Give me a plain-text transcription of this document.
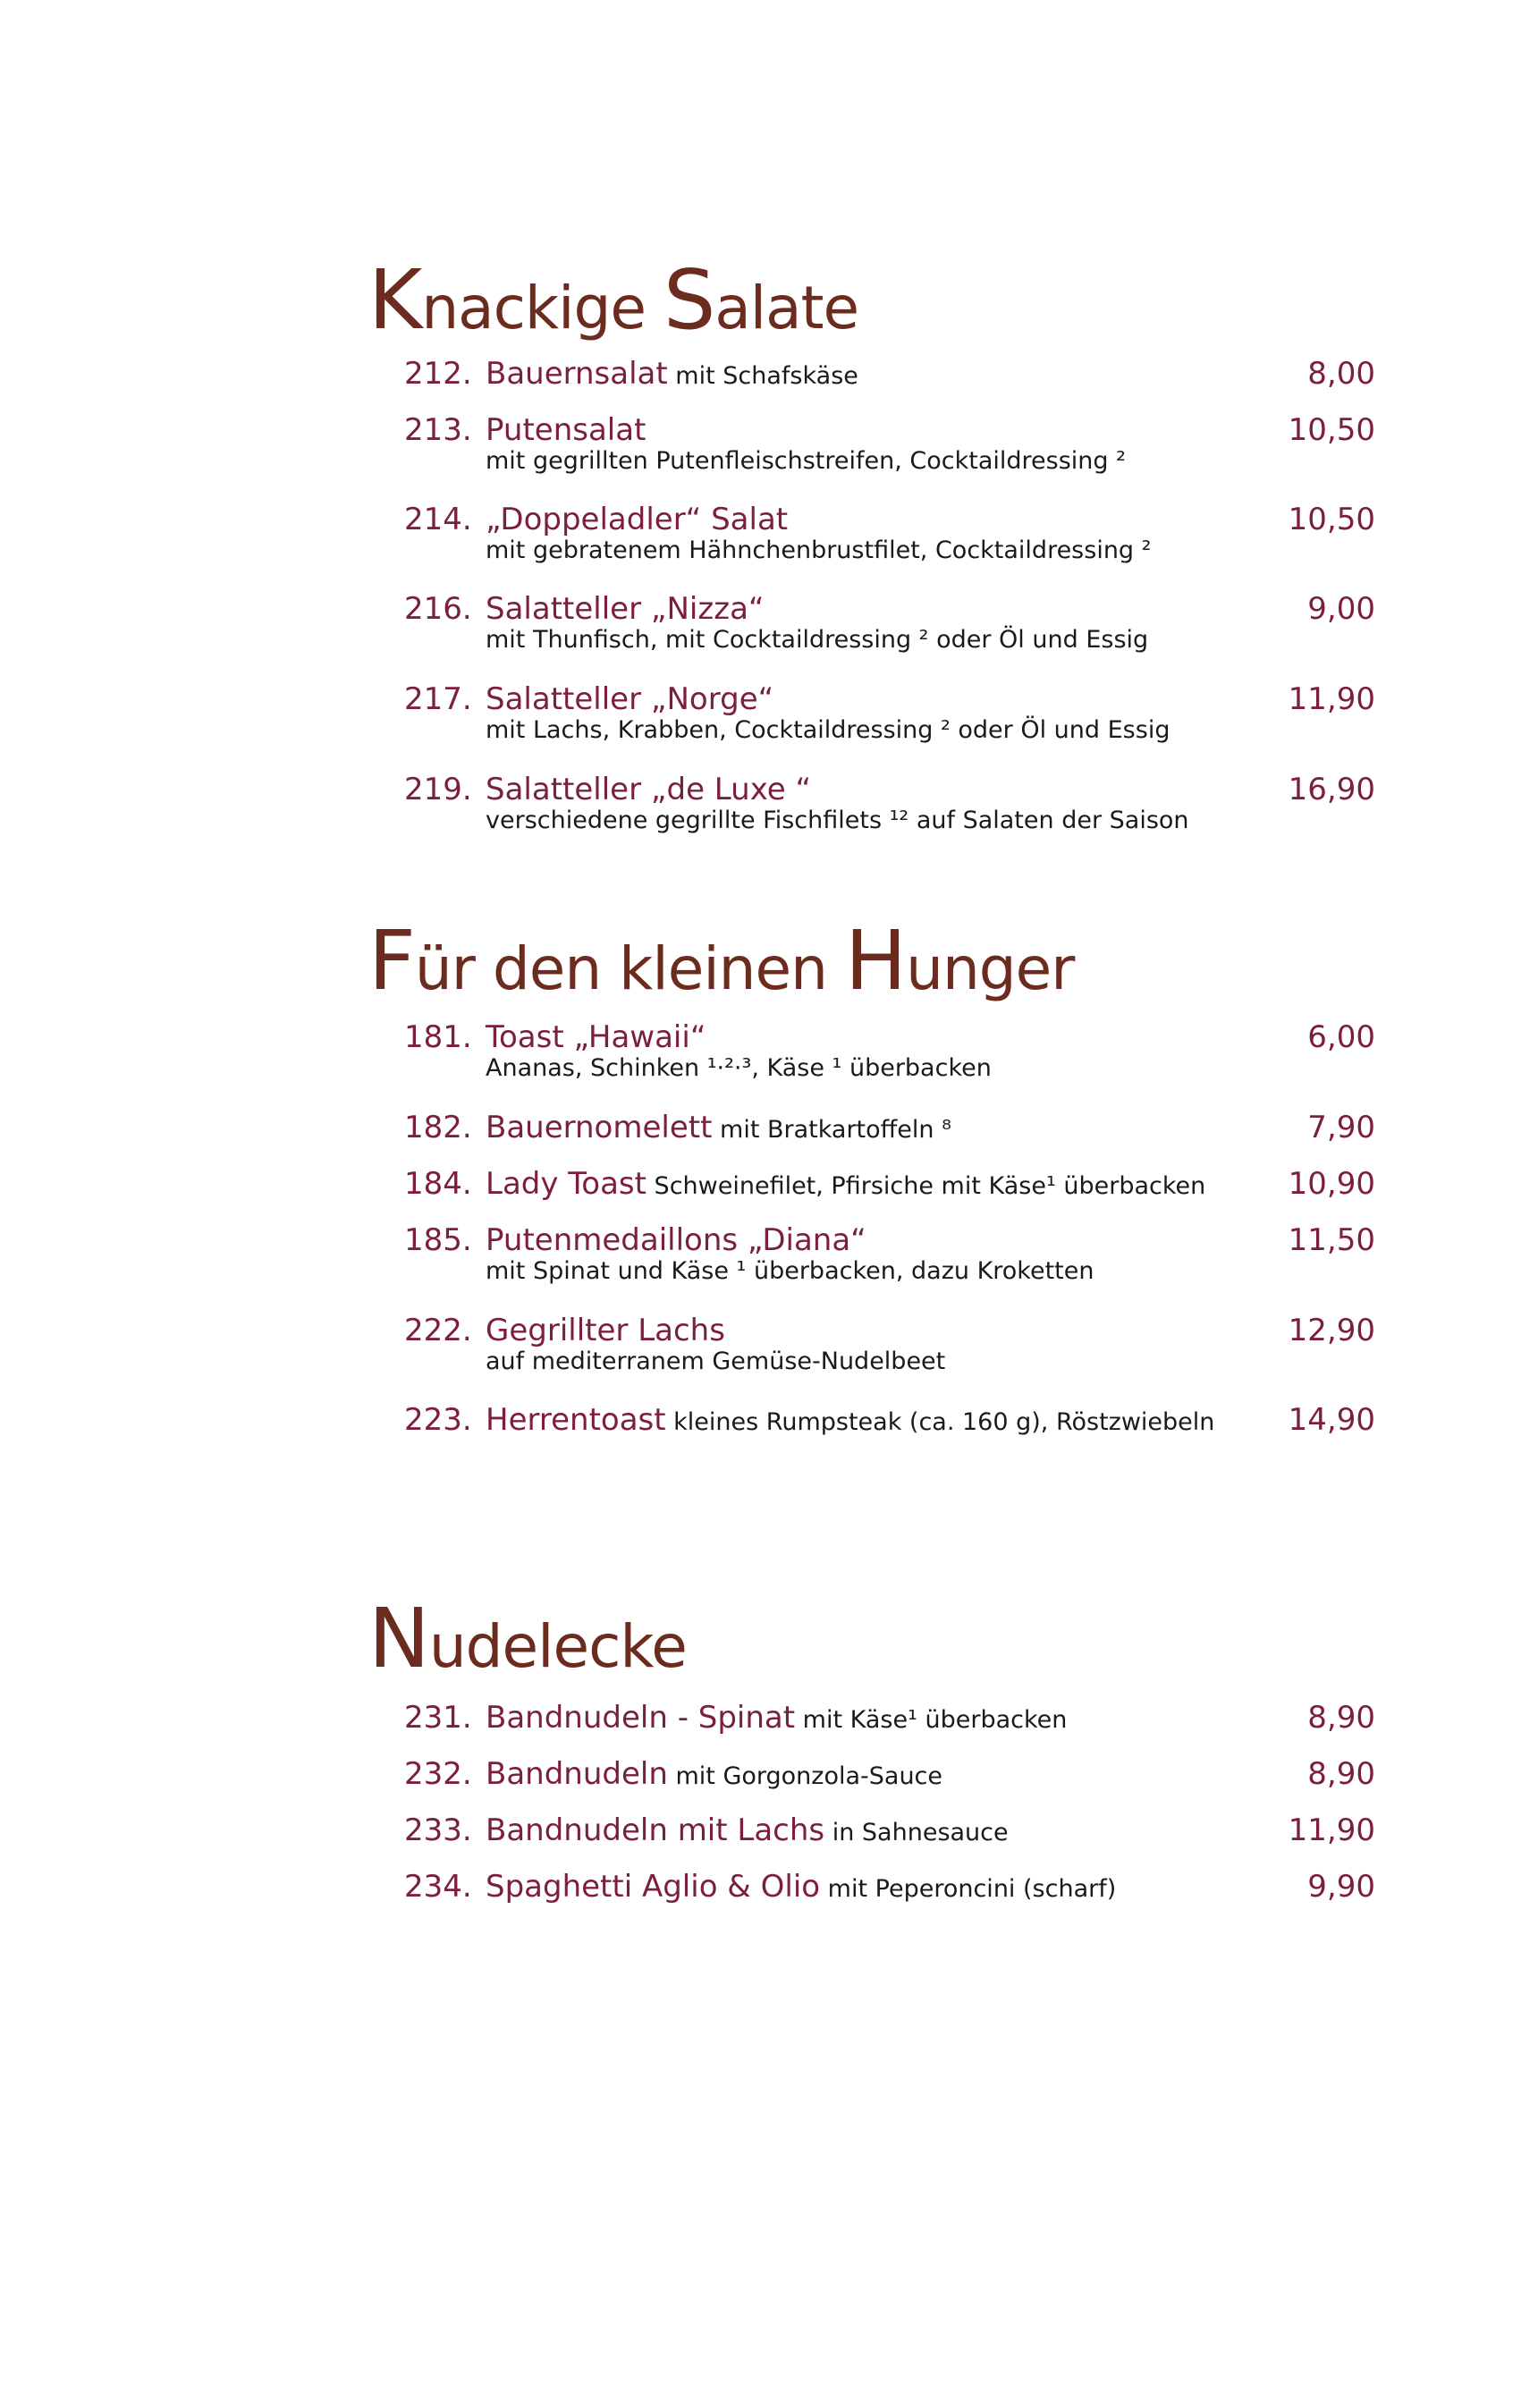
Knackige Salate
212. Bauernsalat mit Schafskäse	8,00
213. Putensalat	10,50
mit gegrillten Putenfleischstreifen, Cocktaildressing ²
214. „Doppeladler“ Salat	10,50
mit gebratenem Hähnchenbrustfilet, Cocktaildressing ²
216. Salatteller „Nizza“	9,00
mit Thunfisch, mit Cocktaildressing ² oder Öl und Essig
217. Salatteller „Norge“	11,90
mit Lachs, Krabben, Cocktaildressing ² oder Öl und Essig
219. Salatteller „de Luxe “	16,90
verschiedene gegrillte Fischfilets ¹² auf Salaten der Saison
Für den kleinen Hunger
181. Toast „Hawaii“	6,00
Ananas, Schinken ¹·²·³, Käse ¹ überbacken
182. Bauernomelett mit Bratkartoffeln ⁸	7,90
184. Lady Toast Schweinefilet, Pfirsiche mit Käse¹ überbacken	10,90
185. Putenmedaillons „Diana“	11,50
mit Spinat und Käse ¹ überbacken, dazu Kroketten
222. Gegrillter Lachs	12,90
auf mediterranem Gemüse-Nudelbeet
223. Herrentoast kleines Rumpsteak (ca. 160 g), Röstzwiebeln 14,90
Nudelecke
231. Bandnudeln - Spinat mit Käse¹ überbacken	8,90
232. Bandnudeln mit Gorgonzola-Sauce	8,90
233. Bandnudeln mit Lachs in Sahnesauce	11,90
234. Spaghetti Aglio & Olio mit Peperoncini (scharf)	9,90
